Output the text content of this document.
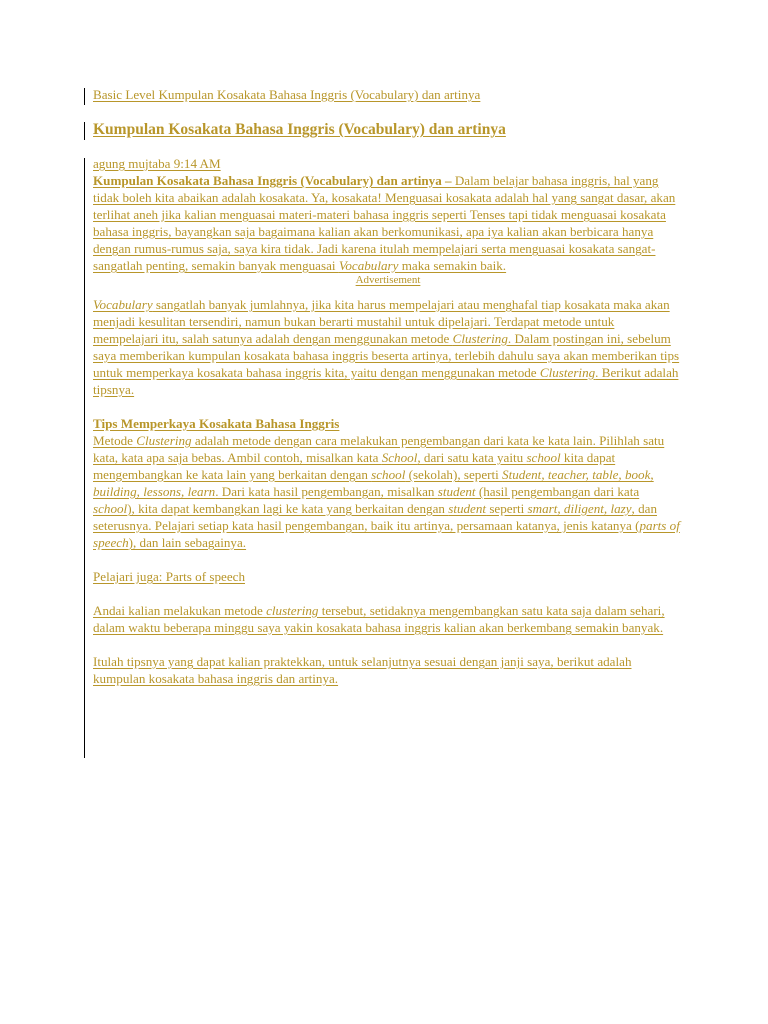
Basic Level Kumpulan Kosakata Bahasa Inggris (Vocabulary) dan artinya

Kumpulan Kosakata Bahasa Inggris (Vocabulary) dan artinya

agung mujtaba 9:14 AM

Kumpulan Kosakata Bahasa Inggris (Vocabulary) dan artinya – Dalam belajar bahasa inggris, hal yang tidak boleh kita abaikan adalah kosakata. Ya, kosakata! Menguasai kosakata adalah hal yang sangat dasar, akan terlihat aneh jika kalian menguasai materi-materi bahasa inggris seperti Tenses tapi tidak menguasai kosakata bahasa inggris, bayangkan saja bagaimana kalian akan berkomunikasi, apa iya kalian akan berbicara hanya dengan rumus-rumus saja, saya kira tidak. Jadi karena itulah mempelajari serta menguasai kosakata sangat-sangatlah penting, semakin banyak menguasai Vocabulary maka semakin baik.

Advertisement

Vocabulary sangatlah banyak jumlahnya, jika kita harus mempelajari atau menghafal tiap kosakata maka akan menjadi kesulitan tersendiri, namun bukan berarti mustahil untuk dipelajari. Terdapat metode untuk mempelajari itu, salah satunya adalah dengan menggunakan metode Clustering. Dalam postingan ini, sebelum saya memberikan kumpulan kosakata bahasa inggris beserta artinya, terlebih dahulu saya akan memberikan tips untuk memperkaya kosakata bahasa inggris kita, yaitu dengan menggunakan metode Clustering. Berikut adalah tipsnya.

Tips Memperkaya Kosakata Bahasa Inggris

Metode Clustering adalah metode dengan cara melakukan pengembangan dari kata ke kata lain. Pilihlah satu kata, kata apa saja bebas. Ambil contoh, misalkan kata School, dari satu kata yaitu school kita dapat mengembangkan ke kata lain yang berkaitan dengan school (sekolah), seperti Student, teacher, table, book, building, lessons, learn. Dari kata hasil pengembangan, misalkan student (hasil pengembangan dari kata school), kita dapat kembangkan lagi ke kata yang berkaitan dengan student seperti smart, diligent, lazy, dan seterusnya. Pelajari setiap kata hasil pengembangan, baik itu artinya, persamaan katanya, jenis katanya (parts of speech), dan lain sebagainya.

Pelajari juga: Parts of speech

Andai kalian melakukan metode clustering tersebut, setidaknya mengembangkan satu kata saja dalam sehari, dalam waktu beberapa minggu saya yakin kosakata bahasa inggris kalian akan berkembang semakin banyak.

Itulah tipsnya yang dapat kalian praktekkan, untuk selanjutnya sesuai dengan janji saya, berikut adalah kumpulan kosakata bahasa inggris dan artinya.
